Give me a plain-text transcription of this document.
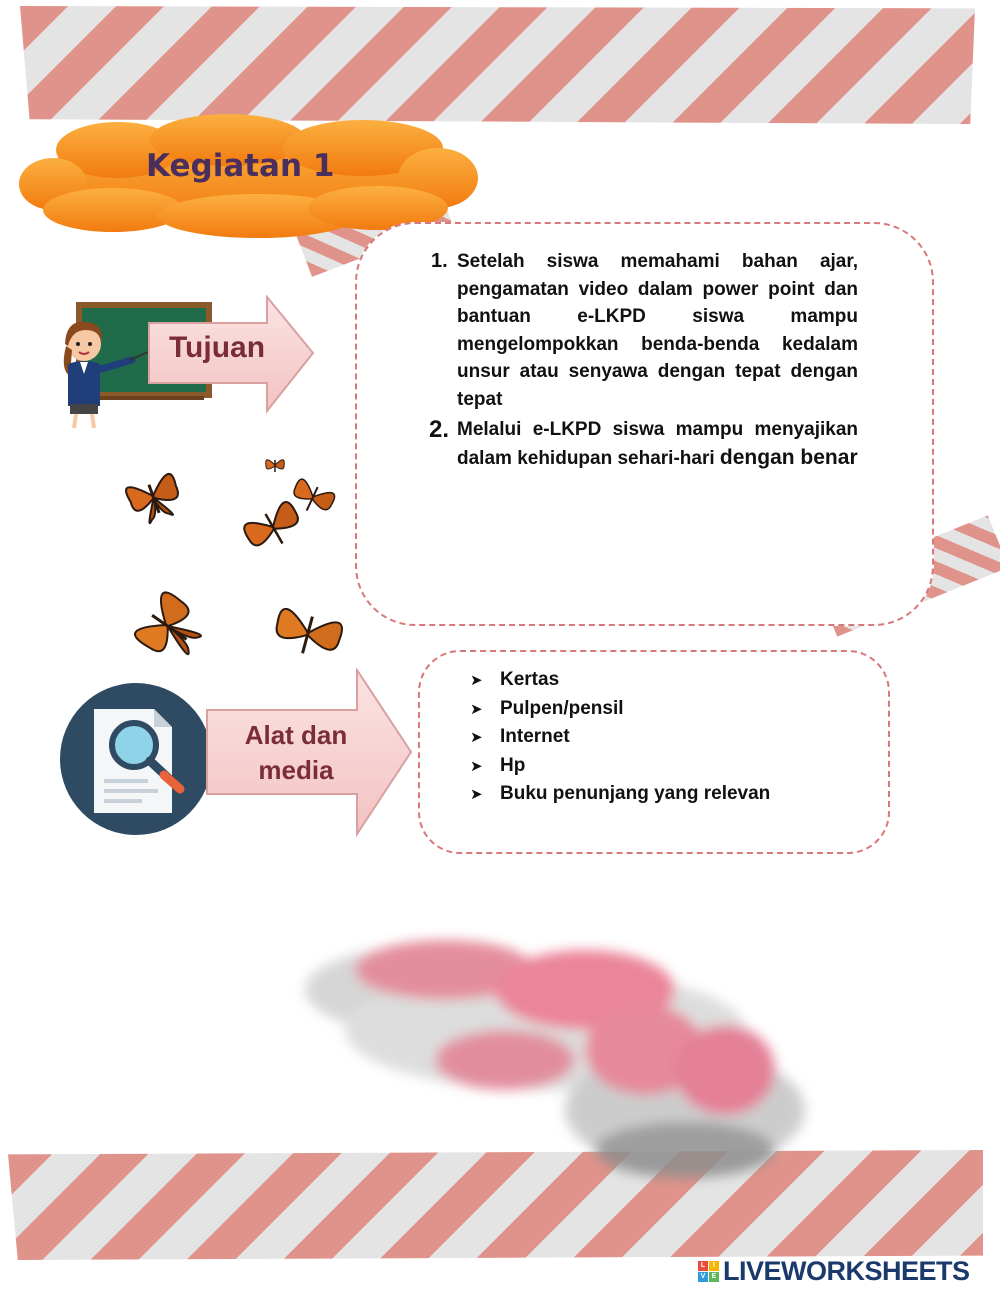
Kegiatan 1
Tujuan
1. Setelah siswa memahami bahan ajar, pengamatan video dalam power point dan bantuan e-LKPD siswa mampu mengelompokkan benda-benda kedalam unsur atau senyawa dengan tepat dengan tepat
2. Melalui e-LKPD siswa mampu menyajikan dalam kehidupan sehari-hari dengan benar
Alat dan
media
➤ Kertas
➤ Pulpen/pensil
➤ Internet
➤ Hp
➤ Buku penunjang yang relevan
L	I
V E LIVEWORKSHEETS
